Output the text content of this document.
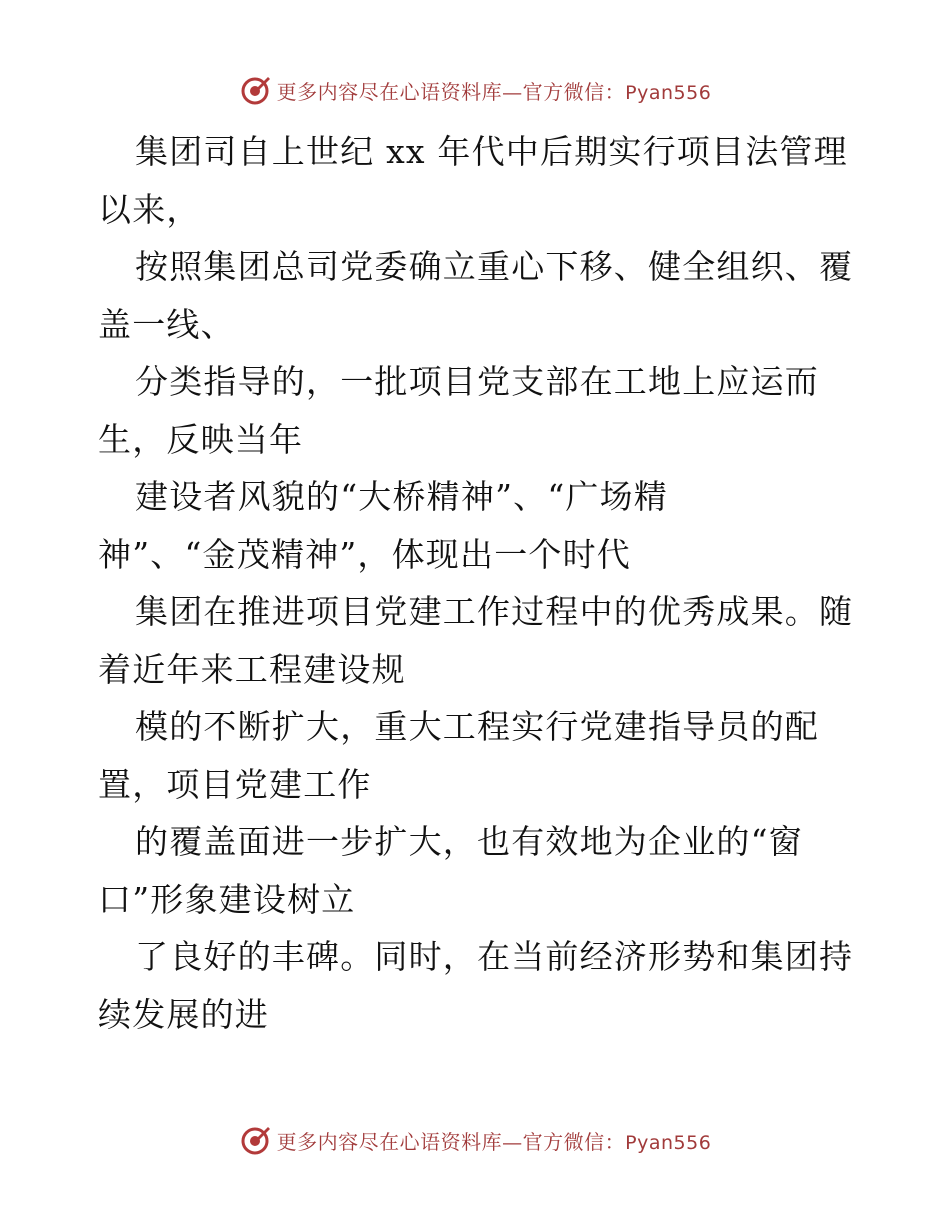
更多内容尽在心语资料库—官方微信：Pyan556
集团司自上世纪 xx 年代中后期实行项目法管理
以来，
按照集团总司党委确立重心下移、健全组织、覆
盖一线、
分类指导的，一批项目党支部在工地上应运而
生，反映当年
建设者风貌的“大桥精神”、“广场精
神”、“金茂精神”，体现出一个时代
集团在推进项目党建工作过程中的优秀成果。随
着近年来工程建设规
模的不断扩大，重大工程实行党建指导员的配
置，项目党建工作
的覆盖面进一步扩大，也有效地为企业的“窗
口”形象建设树立
了良好的丰碑。同时，在当前经济形势和集团持
续发展的进
更多内容尽在心语资料库—官方微信：Pyan556
